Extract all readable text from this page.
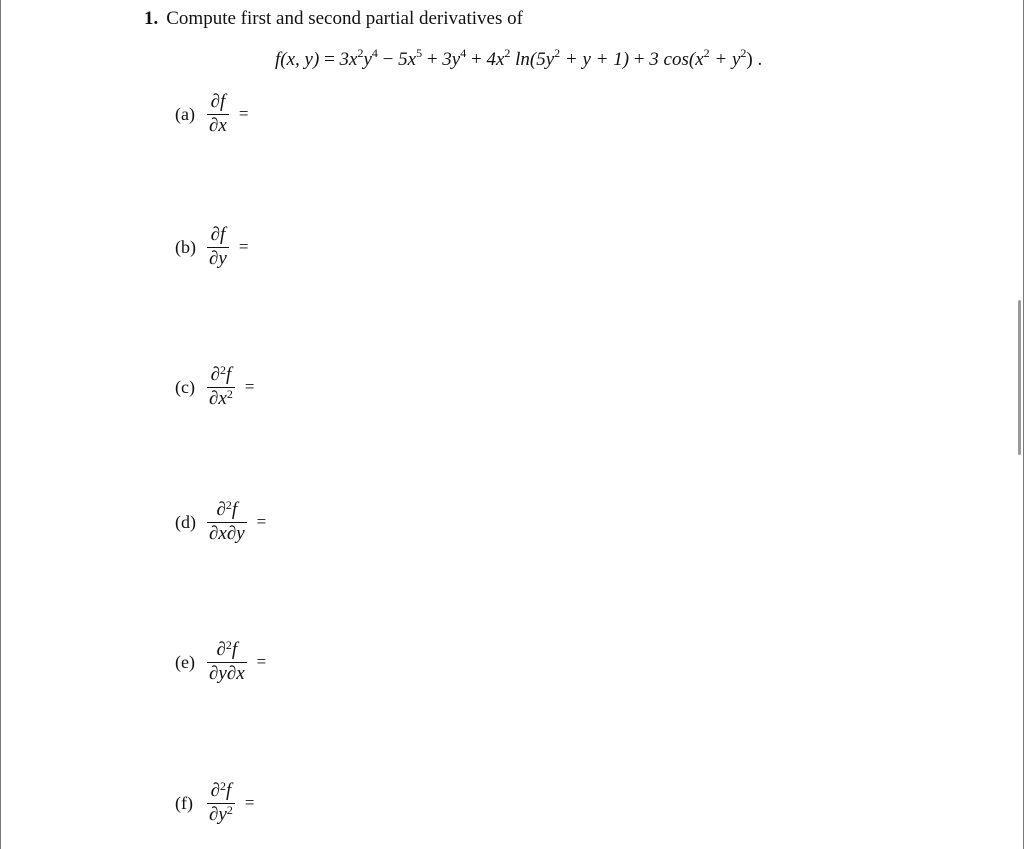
1. Compute first and second partial derivatives of
f(x, $y) = 3x^2y^4 - 5x^5 + 3y^4 + 4x^2$ $\ln(5y^2 + y + 1) + 3$ $\cos(x^2 + y^2)$ .
$(a) \frac{\partial f}{\partial x}$ =
$(b) \frac{\partial f}{\partial y}$ =
$(c) \frac{\partial^2f}{\partial x^2}$ =
$(d) \frac{\partial^2f}{\partial x\partial y}$ =
$(e) \frac{\partial^2f}{\partial y\partial x}$ =
$(f) \frac{\partial^2f}{\partial y^2}$ =
